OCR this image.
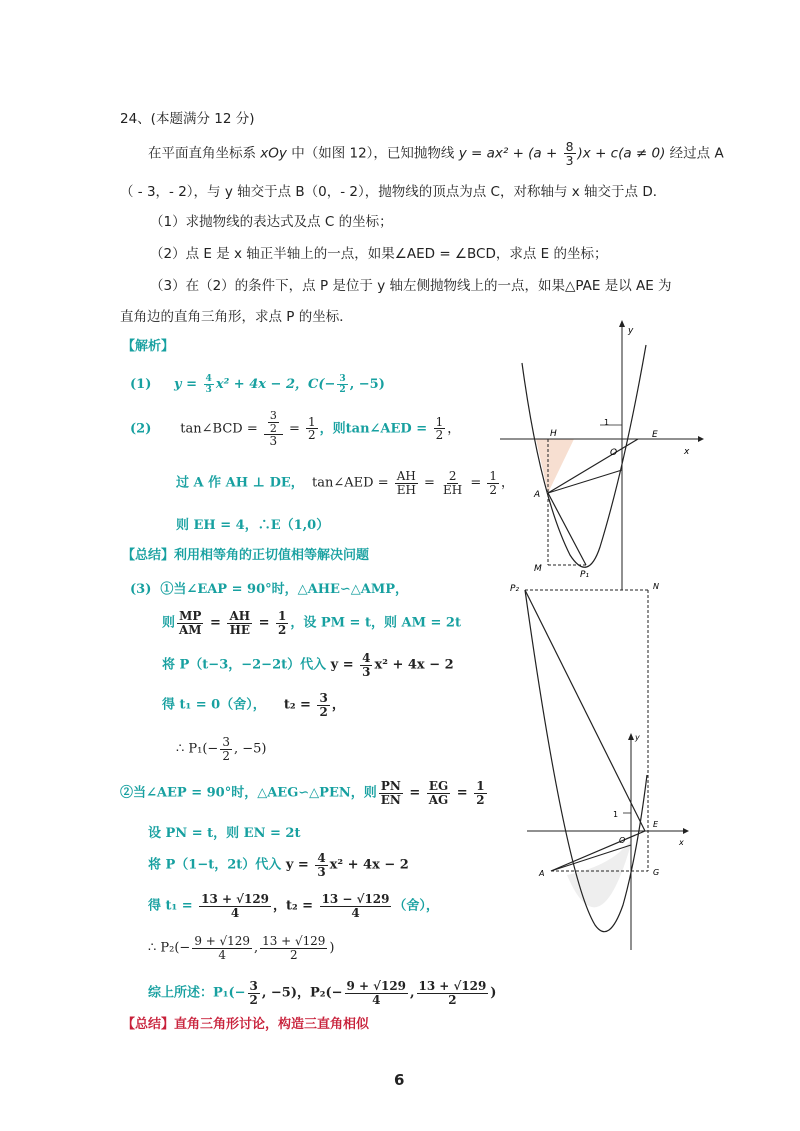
24、(本题满分 12 分)
在平面直角坐标系 xOy 中（如图 12），已知抛物线 $y = ax^2 + (a + \frac{8}{3} )x + c(a \ne 0)$ 经过点 A
（ - 3，- 2），与 y 轴交于点 B（0，- 2），抛物线的顶点为点 C，对称轴与 x 轴交于点 D．
（1）求抛物线的表达式及点 C 的坐标；
（2）点 E 是 x 轴正半轴上的一点，如果∠AED = ∠BCD，求点 E 的坐标；
（3）在（2）的条件下，点 P 是位于 y 轴左侧抛物线上的一点，如果△PAE 是以 AE 为
直角边的直角三角形，求点 P 的坐标．
【解析】
(1) $y = \frac{4}{3} x^2 + 4x - 2$，$C(- \frac{3}{2}$ , −5)
(2) tan∠BCD = $\frac{\frac{3}{2}}{3} = \frac{1}{2}$ ，则tan∠AED = $\frac{1}{2}$ ，
过 A 作 AH ⊥ DE， tan∠AED = $\frac{AH}{EH} = \frac{2}{EH} = \frac{1}{2}$ ，
则 EH = 4，∴E（1,0）
【总结】利用相等角的正切值相等解决问题
(3) ①当∠EAP = 90°时，△AHE∽△AMP，
则 $\frac{MP}{AM} = \frac{AH}{HE} = \frac{1}{2}$ ，设 PM = t，则 AM = 2t
将 P（t−3，−2−2t）代入 $y = \frac{4}{3} x^2 + 4x - 2$
得 t₁ = 0（舍）， $t_2 = \frac{3}{2}$ ，
∴ $P_1(- \frac{3}{2}$ , −5)
②当∠AEP = 90°时，△AEG∽△PEN，则 $\frac{PN}{EN} = \frac{EG}{AG} = \frac{1}{2}$
设 PN = t，则 EN = 2t
将 P（1−t，2t）代入 $y = \frac{4}{3} x^2 + 4x - 2$
得 $t_1 = \frac{13 + √129}{4}$ ，$t_2 = \frac{13 - √129}{4}$ （舍），
∴ $P_2(- \frac{9 + √129}{4}$ , $\frac{13 + √129}{2}$ )
综上所述：$P_1(- \frac{3}{2}$ , −5)，$P_2(- \frac{9 + √129}{4}$ , $\frac{13 + √129}{2}$ )
【总结】直角三角形讨论，构造三直角相似
y
x
1
H	E
O
A
M
P₁
P₂	N
y
1
O
E
x
A	G
6
